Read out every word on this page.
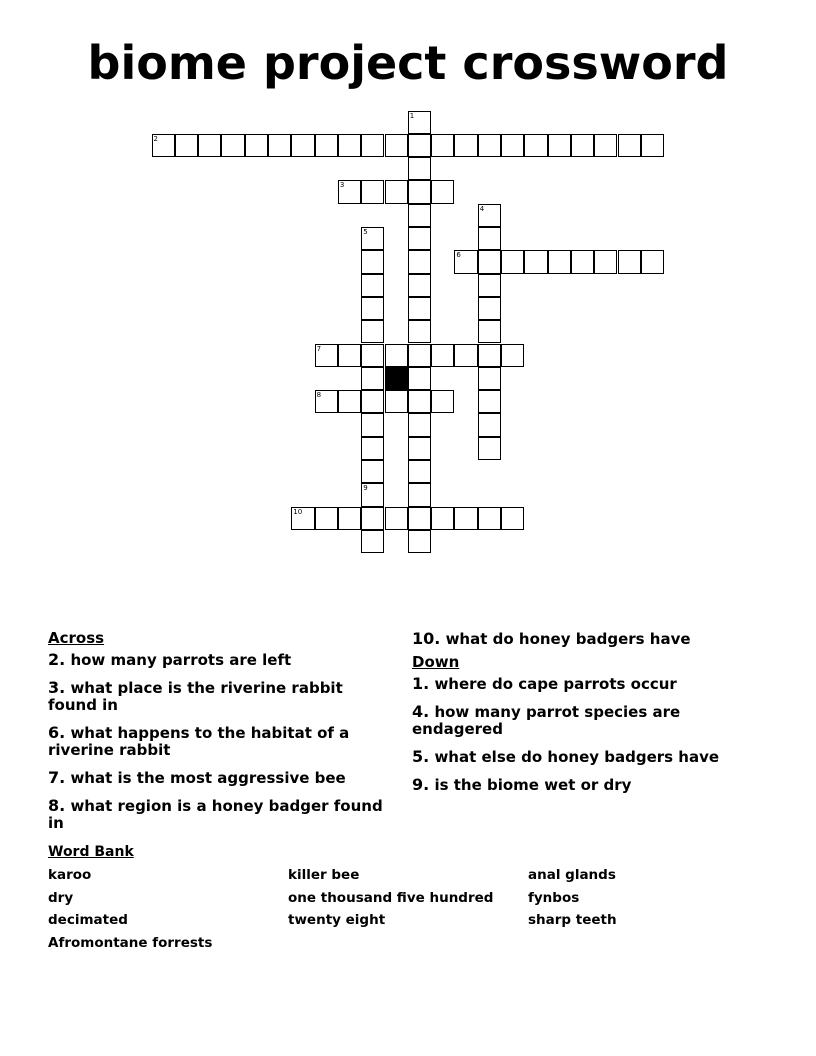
biome project crossword
2
3
6
7
8
10
1
4
5
9
Across
2. how many parrots are left
3. what place is the riverine rabbit found in
6. what happens to the habitat of a riverine rabbit
7. what is the most aggressive bee
8. what region is a honey badger found in
10. what do honey badgers have
Down
1. where do cape parrots occur
4. how many parrot species are endagered
5. what else do honey badgers have
9. is the biome wet or dry
Word Bank
karoo
dry
decimated
Afromontane forrests
killer bee
one thousand five hundred
twenty eight
anal glands
fynbos
sharp teeth
